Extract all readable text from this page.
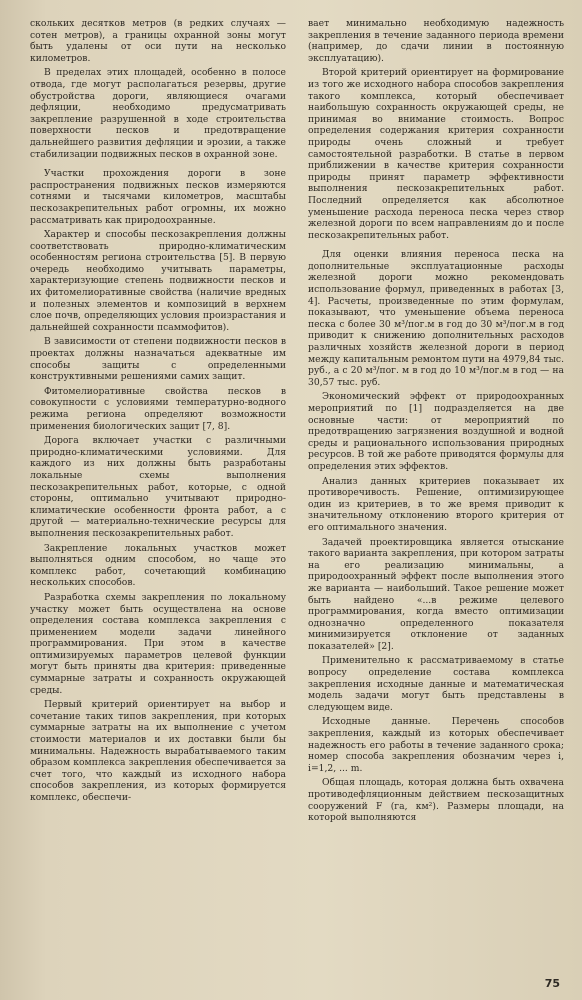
скольких десятков метров (в редких случаях — сотен метров), а границы охранной зоны могут быть удалены от оси пути на несколько километров.

В пределах этих площадей, особенно в полосе отвода, где могут располагаться резервы, другие обустройства дороги, являющиеся очагами дефляции, необходимо предусматривать закрепление разрушенной в ходе строительства поверхности песков и предотвращение дальнейшего развития дефляции и эрозии, а также стабилизации подвижных песков в охранной зоне.

Участки прохождения дороги в зоне распространения подвижных песков измеряются сотнями и тысячами километров, масштабы пескозакрепительных работ огромны, их можно рассматривать как природоохранные.

Характер и способы пескозакрепления должны соответствовать природно-климатическим особенностям региона строительства [5]. В первую очередь необходимо учитывать параметры, характеризующие степень подвижности песков и их фитомелиоративные свойства (наличие вредных и полезных элементов и композиций в верхнем слое почв, определяющих условия произрастания и дальнейшей сохранности псаммофитов).

В зависимости от степени подвижности песков в проектах должны назначаться адекватные им способы защиты с определенными конструктивными решениями самих защит.

Фитомелиоративные свойства песков в совокупности с условиями температурно-водного режима региона определяют возможности применения биологических защит [7, 8].

Дорога включает участки с различными природно-климатическими условиями. Для каждого из них должны быть разработаны локальные схемы выполнения пескозакрепительных работ, которые, с одной стороны, оптимально учитывают природно-климатические особенности фронта работ, а с другой — материально-технические ресурсы для выполнения пескозакрепительных работ.

Закрепление локальных участков может выполняться одним способом, но чаще это комплекс работ, сочетающий комбинацию нескольких способов.

Разработка схемы закрепления по локальному участку может быть осуществлена на основе определения состава комплекса закрепления с применением модели задачи линейного программирования. При этом в качестве оптимизируемых параметров целевой функции могут быть приняты два критерия: приведенные суммарные затраты и сохранность окружающей среды.

Первый критерий ориентирует на выбор и сочетание таких типов закрепления, при которых суммарные затраты на их выполнение с учетом стоимости материалов и их доставки были бы минимальны. Надежность вырабатываемого таким образом комплекса закрепления обеспечивается за счет того, что каждый из исходного набора способов закрепления, из которых формируется комплекс, обеспечи-

вает минимально необходимую надежность закрепления в течение заданного периода времени (например, до сдачи линии в постоянную эксплуатацию).

Второй критерий ориентирует на формирование из того же исходного набора способов закрепления такого комплекса, который обеспечивает наибольшую сохранность окружающей среды, не принимая во внимание стоимость. Вопрос определения содержания критерия сохранности природы очень сложный и требует самостоятельной разработки. В статье в первом приближении в качестве критерия сохранности природы принят параметр эффективности выполнения пескозакрепительных работ. Последний определяется как абсолютное уменьшение расхода переноса песка через створ железной дороги по всем направлениям до и после пескозакрепительных работ.

Для оценки влияния переноса песка на дополнительные эксплуатационные расходы железной дороги можно рекомендовать использование формул, приведенных в работах [3, 4]. Расчеты, произведенные по этим формулам, показывают, что уменьшение объема переноса песка с более 30 м³/пог.м в год до 30 м³/пог.м в год приводит к снижению дополнительных расходов различных хозяйств железной дороги в период между капитальным ремонтом пути на 4979,84 тыс. руб., а с 20 м³/пог. м в год до 10 м³/пог.м в год — на 30,57 тыс. руб.

Экономический эффект от природоохранных мероприятий по [1] подразделяется на две основные части: от мероприятий по предотвращению загрязнения воздушной и водной среды и рационального использования природных ресурсов. В той же работе приводятся формулы для определения этих эффектов.

Анализ данных критериев показывает их противоречивость. Решение, оптимизирующее один из критериев, в то же время приводит к значительному отклонению второго критерия от его оптимального значения.

Задачей проектировщика является отыскание такого варианта закрепления, при котором затраты на его реализацию минимальны, а природоохранный эффект после выполнения этого же варианта — наибольший. Такое решение может быть найдено «...в режиме целевого программирования, когда вместо оптимизации однозначно определенного показателя минимизируется отклонение от заданных показателей» [2].

Применительно к рассматриваемому в статье вопросу определение состава комплекса закрепления исходные данные и математическая модель задачи могут быть представлены в следующем виде.

Исходные данные. Перечень способов закрепления, каждый из которых обеспечивает надежность его работы в течение заданного срока; номер способа закрепления обозначим через i, i=1,2, ... m.

Общая площадь, которая должна быть охвачена противодефляционным действием пескозащитных сооружений F (га, км²). Размеры площади, на которой выполняются

75
